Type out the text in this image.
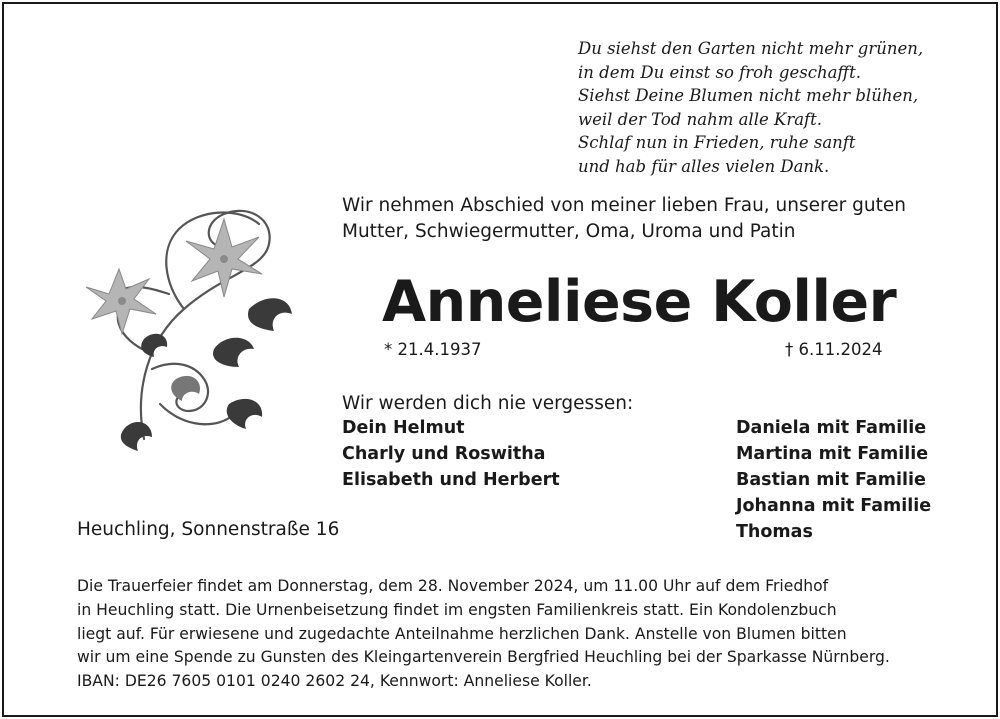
Du siehst den Garten nicht mehr grünen,
in dem Du einst so froh geschafft.
Siehst Deine Blumen nicht mehr blühen,
weil der Tod nahm alle Kraft.
Schlaf nun in Frieden, ruhe sanft
und hab für alles vielen Dank.
Wir nehmen Abschied von meiner lieben Frau, unserer guten
Mutter, Schwiegermutter, Oma, Uroma und Patin
Anneliese Koller
* 21.4.1937	† 6.11.2024
Wir werden dich nie vergessen:
Dein Helmut
Charly und Roswitha
Elisabeth und Herbert
Daniela mit Familie
Martina mit Familie
Bastian mit Familie
Johanna mit Familie
Thomas
Heuchling, Sonnenstraße 16
Die Trauerfeier findet am Donnerstag, dem 28. November 2024, um 11.00 Uhr auf dem Friedhof
in Heuchling statt. Die Urnenbeisetzung findet im engsten Familienkreis statt. Ein Kondolenzbuch
liegt auf. Für erwiesene und zugedachte Anteilnahme herzlichen Dank. Anstelle von Blumen bitten
wir um eine Spende zu Gunsten des Kleingartenverein Bergfried Heuchling bei der Sparkasse Nürnberg.
IBAN: DE26 7605 0101 0240 2602 24, Kennwort: Anneliese Koller.
